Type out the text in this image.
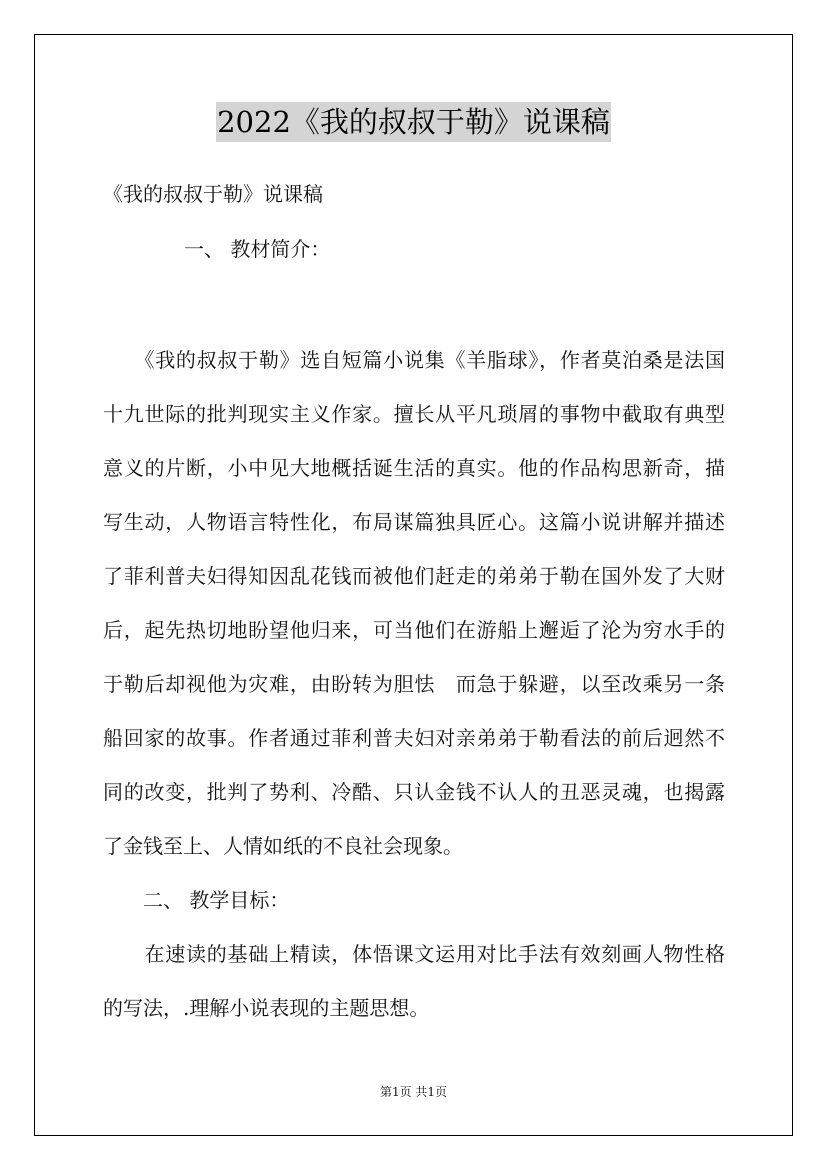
2022《我的叔叔于勒》说课稿
《我的叔叔于勒》说课稿
一、 教材简介：
　　《我的叔叔于勒》选自短篇小说集《羊脂球》，作者莫泊桑是法国
十九世际的批判现实主义作家。擅长从平凡琐屑的事物中截取有典型
意义的片断，小中见大地概括诞生活的真实。他的作品构思新奇，描
写生动，人物语言特性化，布局谋篇独具匠心。这篇小说讲解并描述
了菲利普夫妇得知因乱花钱而被他们赶走的弟弟于勒在国外发了大财
后，起先热切地盼望他归来，可当他们在游船上邂逅了沦为穷水手的
于勒后却视他为灾难，由盼转为胆怯　而急于躲避，以至改乘另一条
船回家的故事。作者通过菲利普夫妇对亲弟弟于勒看法的前后迥然不
同的改变，批判了势利、冷酷、只认金钱不认人的丑恶灵魂，也揭露
了金钱至上、人情如纸的不良社会现象。
　　二、 教学目标：
　　在速读的基础上精读，体悟课文运用对比手法有效刻画人物性格
的写法，.理解小说表现的主题思想。
第1页 共1页
